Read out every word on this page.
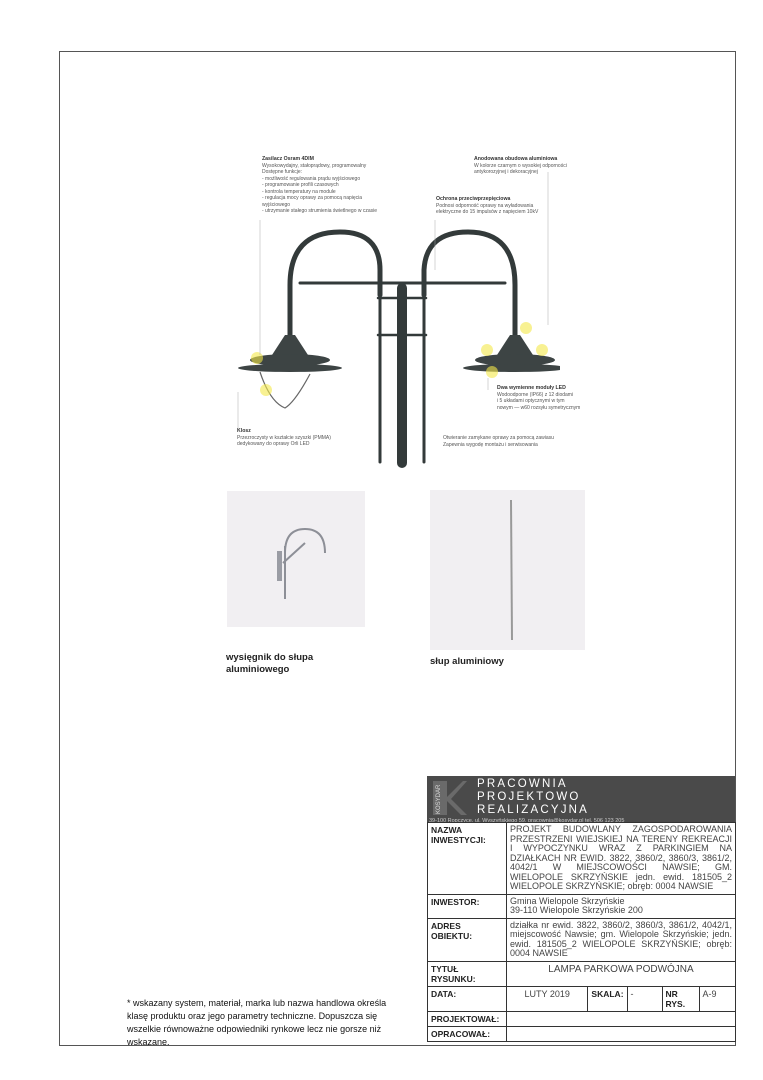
Zasilacz Osram 4DIM
Wysokowydajny, stałoprądowy, programowalny
Dostępne funkcje:
- możliwość regulowania prądu wyjściowego
- programowanie profili czasowych
- kontrola temperatury na module
- regulacja mocy oprawy za pomocą napięcia wyjściowego
- utrzymanie stałego strumienia świetlnego w czasie
Anodowana obudowa aluminiowa
W kolorze czarnym o wysokiej odporności
antykorozyjnej i dekoracyjnej
Ochrona przeciwprzepięciowa
Podnosi odporność oprawy na wyładowania
elektryczne do 15 impulsów z napięciem 10kV
Dwa wymienne moduły LED
Wodoodporne (IP66) z 12 diodami
i 5 układami optycznymi w tym
nowym — w60 rozsyłu symetrycznym
Klosz
Przezroczysty w kształcie szyszki (PMMA)
dedykowany do oprawy Orli LED
Otwieranie zamykane oprawy za pomocą zawiasu
Zapewnia wygodę montażu i serwisowania
wysięgnik do słupa aluminiowego
słup aluminiowy
* wskazany system, materiał, marka lub nazwa handlowa określa klasę produktu oraz jego parametry techniczne. Dopuszcza się wszelkie równoważne odpowiedniki rynkowe lecz nie gorsze niż wskazane.
KOSYDAR
PRACOWNIA
PROJEKTOWO
REALIZACYJNA
39-100 Ropczyce, ul. Wyszyńskiego 59, pracownia@kosydar.pl tel. 506 123 205
NAZWA INWESTYCJI:	PROJEKT BUDOWLANY ZAGOSPODAROWANIA PRZESTRZENI WIEJSKIEJ NA TERENY REKREACJI I WYPOCZYNKU WRAZ Z PARKINGIEM NA DZIAŁKACH NR EWID. 3822, 3860/2, 3860/3, 3861/2, 4042/1 W MIEJSCOWOŚCI NAWSIE; GM. WIELOPOLE SKRZYŃSKIE jedn. ewid. 181505_2 WIELOPOLE SKRZYŃSKIE; obręb: 0004 NAWSIE				
INWESTOR:	Gmina Wielopole Skrzyńskie
39-110 Wielopole Skrzyńskie 200				

ADRES OBIEKTU:	działka nr ewid. 3822, 3860/2, 3860/3, 3861/2, 4042/1, miejscowość Nawsie; gm. Wielopole Skrzyńskie; jedn. ewid. 181505_2 WIELOPOLE SKRZYŃSKIE; obręb: 0004 NAWSIE				
TYTUŁ RYSUNKU:	LAMPA PARKOWA PODWÓJNA				
DATA:	LUTY 2019	SKALA:	-	NR RYS.	A-9
PROJEKTOWAŁ:					
OPRACOWAŁ:					
